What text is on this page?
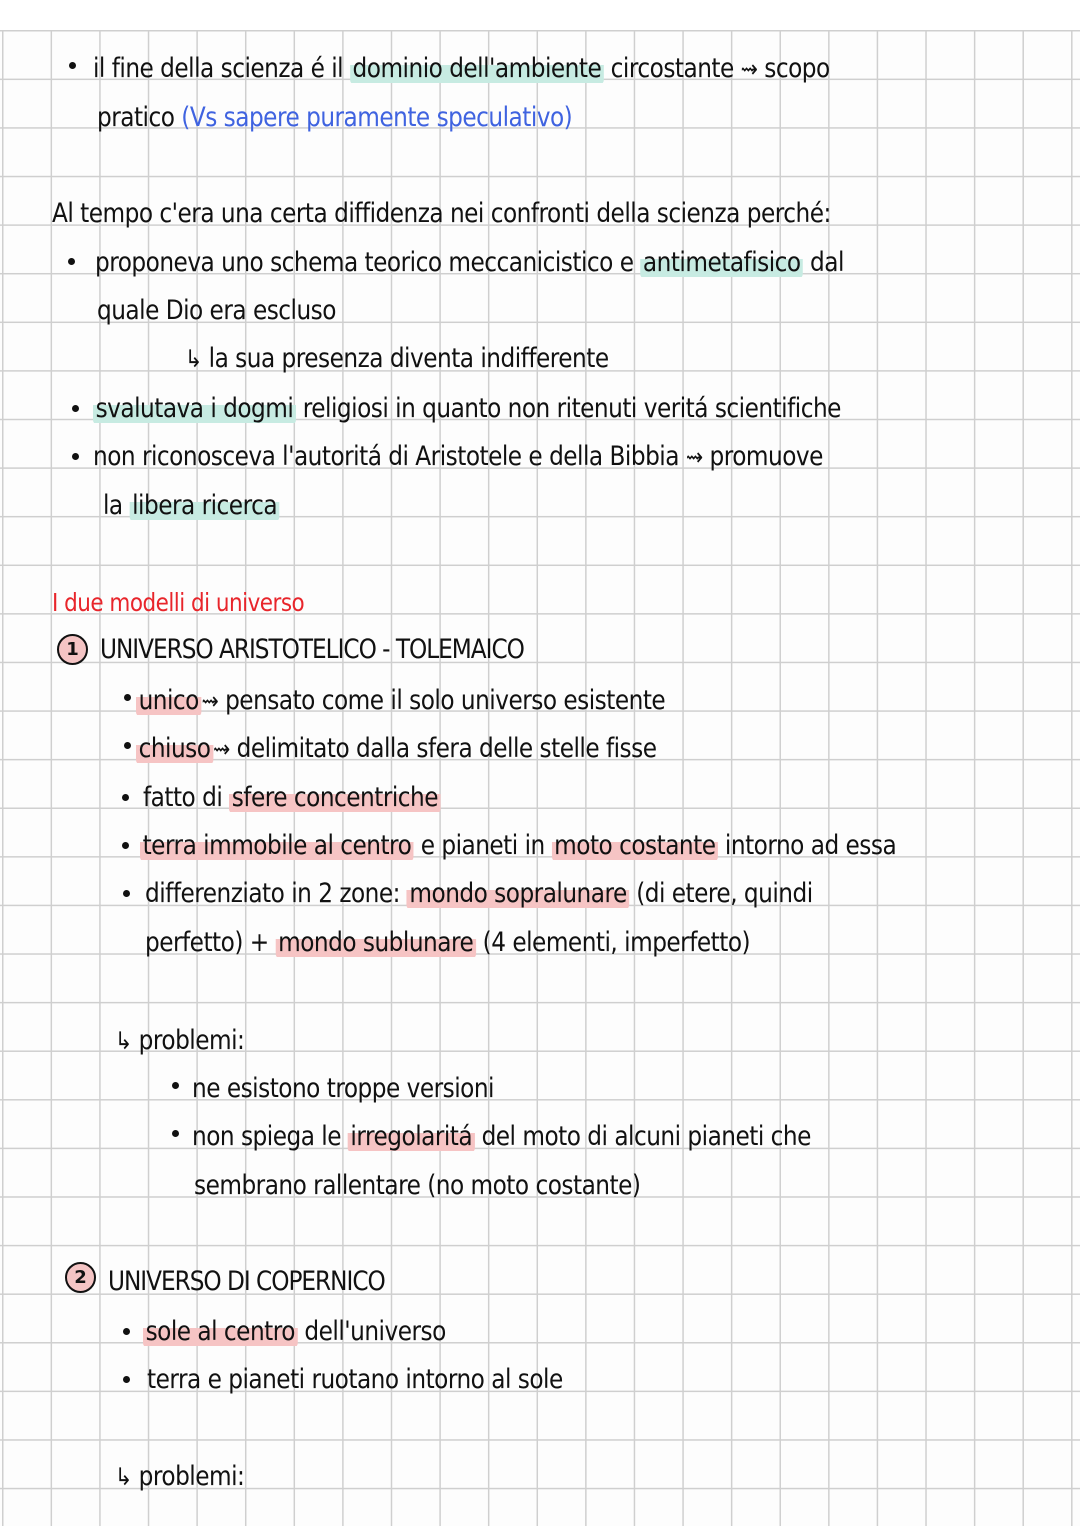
il fine della scienza é il dominio dell'ambiente circostante ⇝ scopo
pratico (Vs sapere puramente speculativo)
Al tempo c'era una certa diffidenza nei confronti della scienza perché:
proponeva uno schema teorico meccanicistico e antimetafisico dal
quale Dio era escluso
↳ la sua presenza diventa indifferente
svalutava i dogmi religiosi in quanto non ritenuti veritá scientifiche
non riconosceva l'autoritá di Aristotele e della Bibbia ⇝ promuove
la libera ricerca
I due modelli di universo
1 UNIVERSO ARISTOTELICO - TOLEMAICO
unico ⇝ pensato come il solo universo esistente
chiuso ⇝ delimitato dalla sfera delle stelle fisse
fatto di sfere concentriche
terra immobile al centro e pianeti in moto costante intorno ad essa
differenziato in 2 zone: mondo sopralunare (di etere, quindi
perfetto) + mondo sublunare (4 elementi, imperfetto)
↳ problemi:
ne esistono troppe versioni
non spiega le irregolaritá del moto di alcuni pianeti che
sembrano rallentare (no moto costante)
2 UNIVERSO DI COPERNICO
sole al centro dell'universo
terra e pianeti ruotano intorno al sole
↳ problemi:
